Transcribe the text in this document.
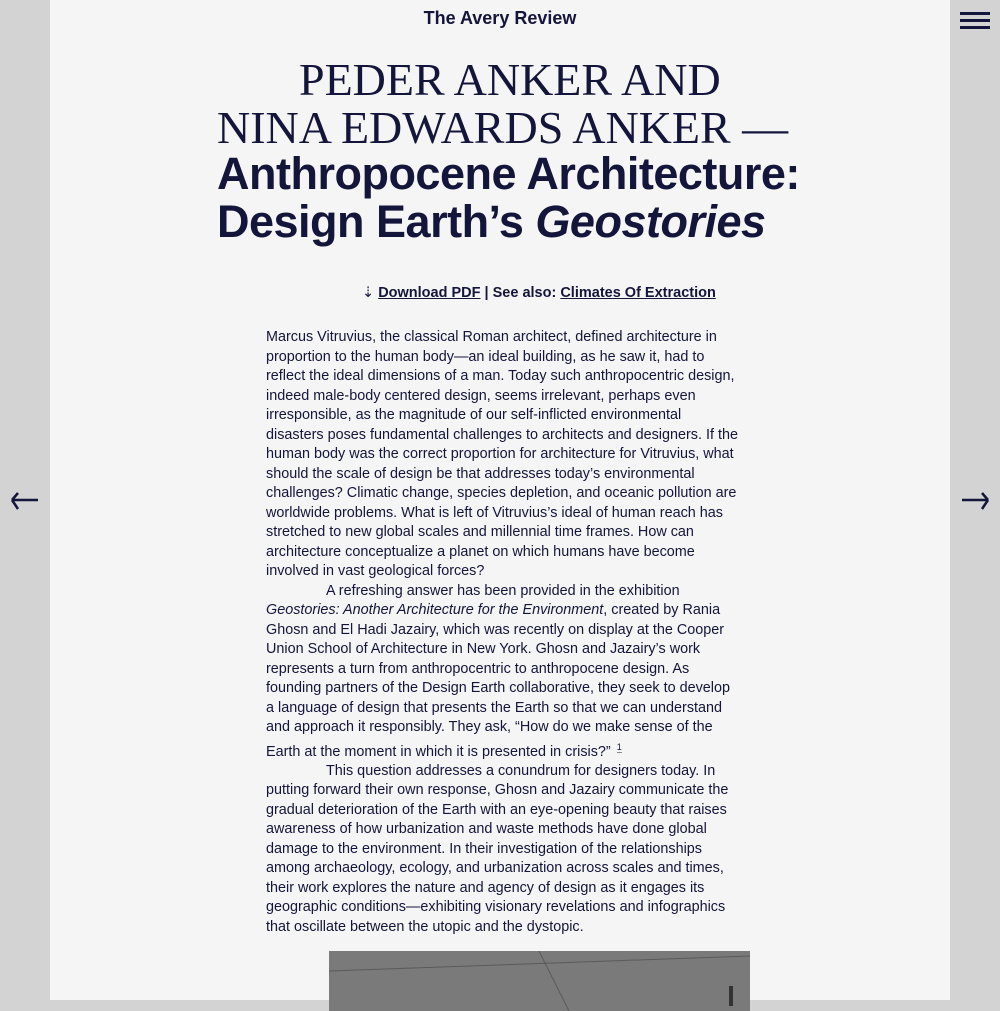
The Avery Review
PEDER ANKER AND NINA EDWARDS ANKER —
Anthropocene Architecture: Design Earth’s Geostories
⇣ Download PDF | See also: Climates Of Extraction

Marcus Vitruvius, the classical Roman architect, defined architecture in proportion to the human body—an ideal building, as he saw it, had to reflect the ideal dimensions of a man. Today such anthropocentric design, indeed male-body centered design, seems irrelevant, perhaps even irresponsible, as the magnitude of our self-inflicted environmental disasters poses fundamental challenges to architects and designers. If the human body was the correct proportion for architecture for Vitruvius, what should the scale of design be that addresses today’s environmental challenges? Climatic change, species depletion, and oceanic pollution are worldwide problems. What is left of Vitruvius’s ideal of human reach has stretched to new global scales and millennial time frames. How can architecture conceptualize a planet on which humans have become involved in vast geological forces?

A refreshing answer has been provided in the exhibition Geostories: Another Architecture for the Environment, created by Rania Ghosn and El Hadi Jazairy, which was recently on display at the Cooper Union School of Architecture in New York. Ghosn and Jazairy’s work represents a turn from anthropocentric to anthropocene design. As founding partners of the Design Earth collaborative, they seek to develop a language of design that presents the Earth so that we can understand and approach it responsibly. They ask, “How do we make sense of the Earth at the moment in which it is presented in crisis?” $^1$

This question addresses a conundrum for designers today. In putting forward their own response, Ghosn and Jazairy communicate the gradual deterioration of the Earth with an eye-opening beauty that raises awareness of how urbanization and waste methods have done global damage to the environment. In their investigation of the relationships among archaeology, ecology, and urbanization across scales and times, their work explores the nature and agency of design as it engages its geographic conditions—exhibiting visionary revelations and infographics that oscillate between the utopic and the dystopic.
